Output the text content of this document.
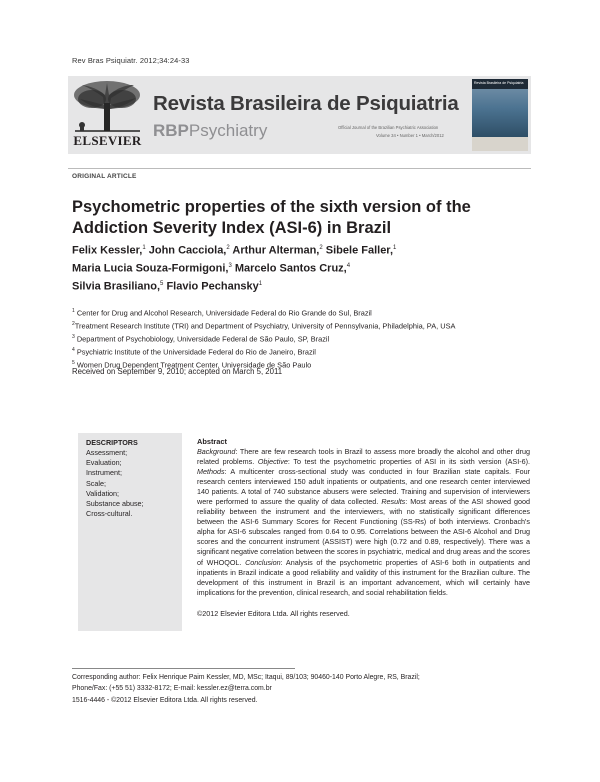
Rev Bras Psiquiatr. 2012;34:24-33
ELSEVIER
Revista Brasileira de Psiquiatria
RBPPsychiatry	Official Journal of the Brazilian Psychiatric Association
Volume 34 • Number 1 • March/2012
Revista Brasileira de Psiquiatria
ORIGINAL ARTICLE
Psychometric properties of the sixth version of the
Addiction Severity Index (ASI-6) in Brazil
Felix Kessler,$^1$ John Cacciola,$^2$ Arthur Alterman,$^2$ Sibele Faller,$^1$
Maria Lucia Souza-Formigoni,$^3$ Marcelo Santos Cruz,$^4$
Silvia Brasiliano,$^5$ Flavio Pechansky$^1$
$^1$ Center for Drug and Alcohol Research, Universidade Federal do Rio Grande do Sul, Brazil
$^2$Treatment Research Institute (TRI) and Department of Psychiatry, University of Pennsylvania, Philadelphia, PA, USA
$^3$ Department of Psychobiology, Universidade Federal de São Paulo, SP, Brazil
$^4$ Psychiatric Institute of the Universidade Federal do Rio de Janeiro, Brazil
$^5$ Women Drug Dependent Treatment Center, Universidade de São Paulo
Received on September 9, 2010; accepted on March 5, 2011
DESCRIPTORS
Assessment;
Evaluation;
Instrument;
Scale;
Validation;
Substance abuse;
Cross-cultural.
Abstract
Background: There are few research tools in Brazil to assess more broadly the alcohol and other drug related problems. Objective: To test the psychometric properties of ASI in its sixth version (ASI-6). Methods: A multicenter cross-sectional study was conducted in four Brazilian state capitals. Four research centers interviewed 150 adult inpatients or outpatients, and one research center interviewed 140 patients. A total of 740 substance abusers were selected. Training and supervision of interviewers were performed to assure the quality of data collected. Results: Most areas of the ASI showed good reliability between the instrument and the interviewers, with no statistically significant differences between the ASI-6 Summary Scores for Recent Functioning (SS-Rs) of both interviews. Cronbach's alpha for ASI-6 subscales ranged from 0.64 to 0.95. Correlations between the ASI-6 Alcohol and Drug scores and the concurrent instrument (ASSIST) were high (0.72 and 0.89, respectively). There was a significant negative correlation between the scores in psychiatric, medical and drug areas and the scores of WHOQOL. Conclusion: Analysis of the psychometric properties of ASI-6 both in outpatients and inpatients in Brazil indicate a good reliability and validity of this instrument for the Brazilian culture. The development of this instrument in Brazil is an important advancement, which will certainly have implications for the prevention, clinical research, and social rehabilitation fields.
©2012 Elsevier Editora Ltda. All rights reserved.
Corresponding author: Felix Henrique Paim Kessler, MD, MSc; Itaqui, 89/103; 90460-140 Porto Alegre, RS, Brazil;
Phone/Fax: (+55 51) 3332-8172; E-mail: kessler.ez@terra.com.br
1516-4446 - ©2012 Elsevier Editora Ltda. All rights reserved.
